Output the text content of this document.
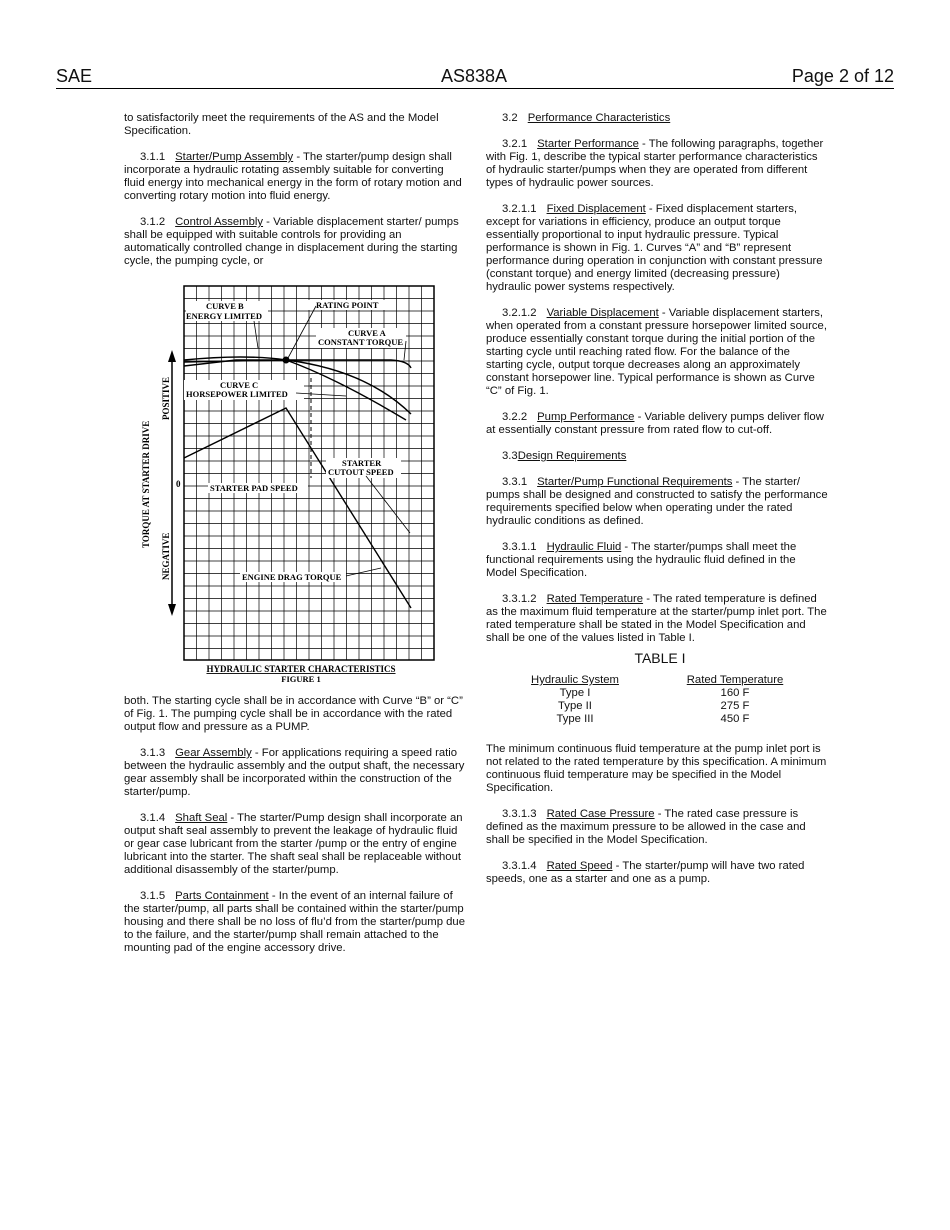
SAE	AS838A	Page 2 of 12

to satisfactorily meet the requirements of the AS and the Model Specification.

3.1.1 Starter/Pump Assembly - The starter/pump design shall incorporate a hydraulic rotating assembly suitable for converting fluid energy into mechanical energy in the form of rotary motion and converting rotary motion into fluid energy.

3.1.2 Control Assembly - Variable displacement starter/ pumps shall be equipped with suitable controls for providing an automatically controlled change in displacement during the starting cycle, the pumping cycle, or

TORQUE AT STARTER DRIVE
POSITIVE
NEGATIVE
0
CURVE B
ENERGY LIMITED
RATING POINT
CURVE A
CONSTANT TORQUE
CURVE C
HORSEPOWER LIMITED
STARTER
CUTOUT SPEED
STARTER PAD SPEED
ENGINE DRAG TORQUE
HYDRAULIC STARTER CHARACTERISTICS
FIGURE 1

both. The starting cycle shall be in accordance with Curve “B” or “C” of Fig. 1. The pumping cycle shall be in accordance with the rated output flow and pressure as a PUMP.

3.1.3 Gear Assembly - For applications requiring a speed ratio between the hydraulic assembly and the output shaft, the necessary gear assembly shall be incorporated within the construction of the starter/pump.

3.1.4 Shaft Seal - The starter/Pump design shall incorporate an output shaft seal assembly to prevent the leakage of hydraulic fluid or gear case lubricant from the starter /pump or the entry of engine lubricant into the starter. The shaft seal shall be replaceable without additional disassembly of the starter/pump.

3.1.5 Parts Containment - In the event of an internal failure of the starter/pump, all parts shall be contained within the starter/pump housing and there shall be no loss of flu’d from the starter/pump due to the failure, and the starter/pump shall remain attached to the mounting pad of the engine accessory drive.

3.2 Performance Characteristics

3.2.1 Starter Performance - The following paragraphs, together with Fig. 1, describe the typical starter performance characteristics of hydraulic starter/pumps when they are operated from different types of hydraulic power sources.

3.2.1.1 Fixed Displacement - Fixed displacement starters, except for variations in efficiency, produce an output torque essentially proportional to input hydraulic pressure. Typical performance is shown in Fig. 1. Curves “A” and “B” represent performance during operation in conjunction with constant pressure (constant torque) and energy limited (decreasing pressure) hydraulic power systems respectively.

3.2.1.2 Variable Displacement - Variable displacement starters, when operated from a constant pressure horsepower limited source, produce essentially constant torque during the initial portion of the starting cycle until reaching rated flow. For the balance of the starting cycle, output torque decreases along an approximately constant horsepower line. Typical performance is shown as Curve “C” of Fig. 1.

3.2.2 Pump Performance - Variable delivery pumps deliver flow at essentially constant pressure from rated flow to cut-off.

3.3Design Requirements

3.3.1 Starter/Pump Functional Requirements - The starter/ pumps shall be designed and constructed to satisfy the performance requirements specified below when operating under the rated hydraulic conditions as defined.

3.3.1.1 Hydraulic Fluid - The starter/pumps shall meet the functional requirements using the hydraulic fluid defined in the Model Specification.

3.3.1.2 Rated Temperature - The rated temperature is defined as the maximum fluid temperature at the starter/pump inlet port. The rated temperature shall be stated in the Model Specification and shall be one of the values listed in Table I.

TABLE I
Hydraulic System	Rated Temperature
Type I	160 F
Type II	275 F
Type III	450 F

The minimum continuous fluid temperature at the pump inlet port is not related to the rated temperature by this specification. A minimum continuous fluid temperature may be specified in the Model Specification.

3.3.1.3 Rated Case Pressure - The rated case pressure is defined as the maximum pressure to be allowed in the case and shall be specified in the Model Specification.

3.3.1.4 Rated Speed - The starter/pump will have two rated speeds, one as a starter and one as a pump.
